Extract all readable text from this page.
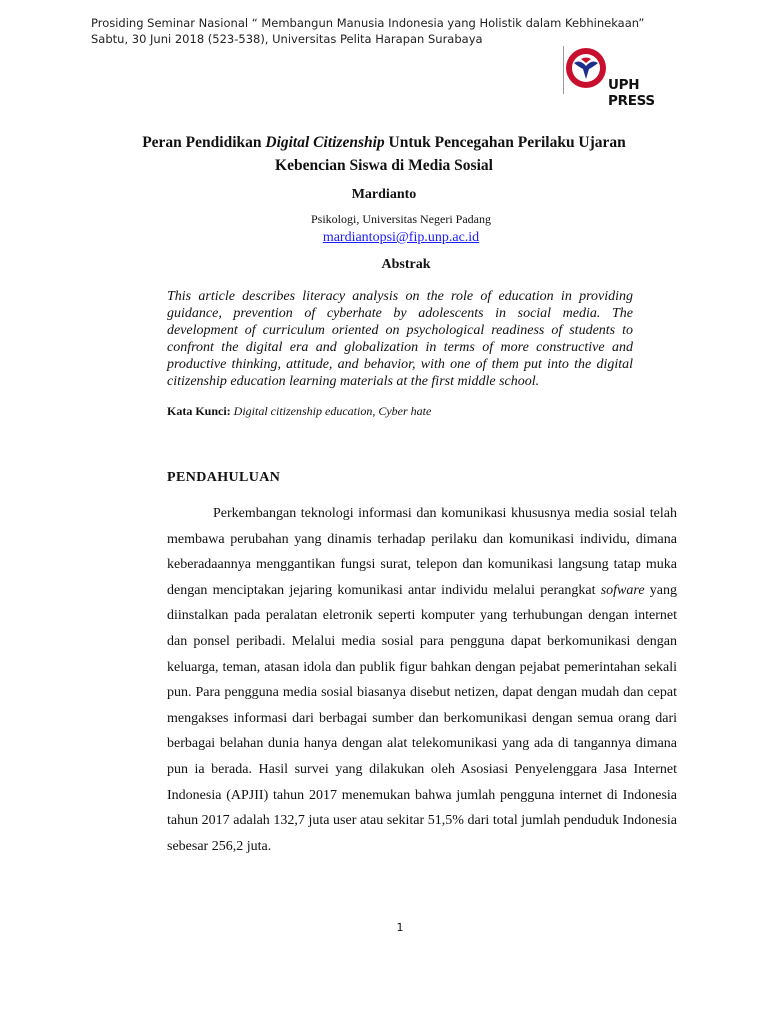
Prosiding Seminar Nasional “ Membangun Manusia Indonesia yang Holistik dalam Kebhinekaan” Sabtu, 30 Juni 2018 (523-538), Universitas Pelita Harapan Surabaya
UPH PRESS
Peran Pendidikan Digital Citizenship Untuk Pencegahan Perilaku Ujaran Kebencian Siswa di Media Sosial
Mardianto
Psikologi, Universitas Negeri Padang
mardiantopsi@fip.unp.ac.id
Abstrak
This article describes literacy analysis on the role of education in providing guidance, prevention of cyberhate by adolescents in social media. The development of curriculum oriented on psychological readiness of students to confront the digital era and globalization in terms of more constructive and productive thinking, attitude, and behavior, with one of them put into the digital citizenship education learning materials at the first middle school.
Kata Kunci: Digital citizenship education, Cyber hate
PENDAHULUAN
Perkembangan teknologi informasi dan komunikasi khususnya media sosial telah membawa perubahan yang dinamis terhadap perilaku dan komunikasi individu, dimana keberadaannya menggantikan fungsi surat, telepon dan komunikasi langsung tatap muka dengan menciptakan jejaring komunikasi antar individu melalui perangkat sofware yang diinstalkan pada peralatan eletronik seperti komputer yang terhubungan dengan internet dan ponsel peribadi. Melalui media sosial para pengguna dapat berkomunikasi dengan keluarga, teman, atasan idola dan publik figur bahkan dengan pejabat pemerintahan sekali pun. Para pengguna media sosial biasanya disebut netizen, dapat dengan mudah dan cepat mengakses informasi dari berbagai sumber dan berkomunikasi dengan semua orang dari berbagai belahan dunia hanya dengan alat telekomunikasi yang ada di tangannya dimana pun ia berada. Hasil survei yang dilakukan oleh Asosiasi Penyelenggara Jasa Internet Indonesia (APJII) tahun 2017 menemukan bahwa jumlah pengguna internet di Indonesia tahun 2017 adalah 132,7 juta user atau sekitar 51,5% dari total jumlah penduduk Indonesia sebesar 256,2 juta.
1
